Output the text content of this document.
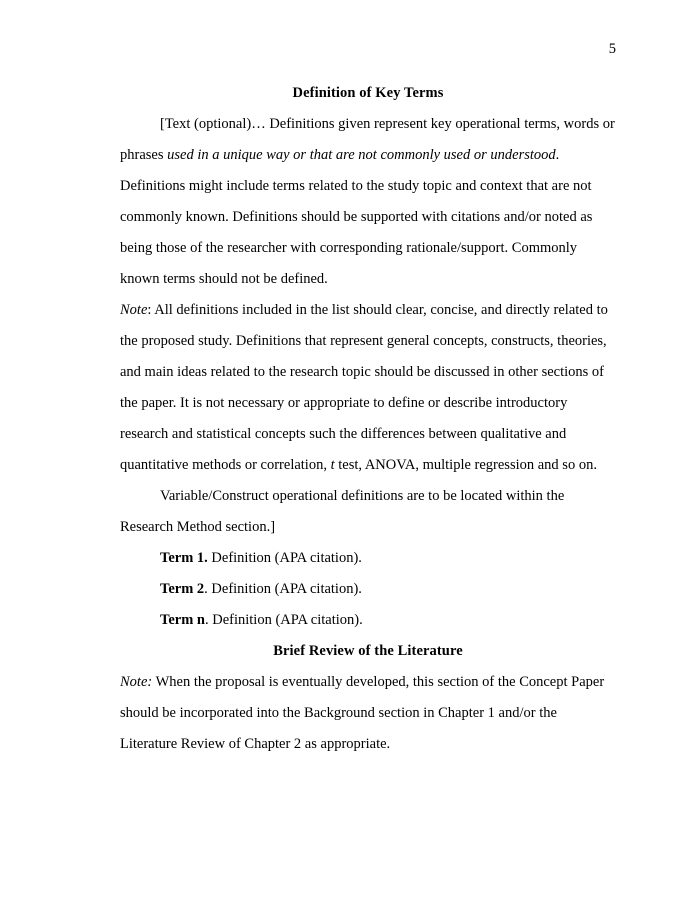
5
Definition of Key Terms

[Text (optional)… Definitions given represent key operational terms, words or phrases used in a unique way or that are not commonly used or understood. Definitions might include terms related to the study topic and context that are not commonly known. Definitions should be supported with citations and/or noted as being those of the researcher with corresponding rationale/support. Commonly known terms should not be defined.

Note: All definitions included in the list should clear, concise, and directly related to the proposed study. Definitions that represent general concepts, constructs, theories, and main ideas related to the research topic should be discussed in other sections of the paper. It is not necessary or appropriate to define or describe introductory research and statistical concepts such the differences between qualitative and quantitative methods or correlation, t test, ANOVA, multiple regression and so on.

Variable/Construct operational definitions are to be located within the Research Method section.]

Term 1. Definition (APA citation).

Term 2. Definition (APA citation).

Term n. Definition (APA citation).

Brief Review of the Literature

Note: When the proposal is eventually developed, this section of the Concept Paper should be incorporated into the Background section in Chapter 1 and/or the Literature Review of Chapter 2 as appropriate.
